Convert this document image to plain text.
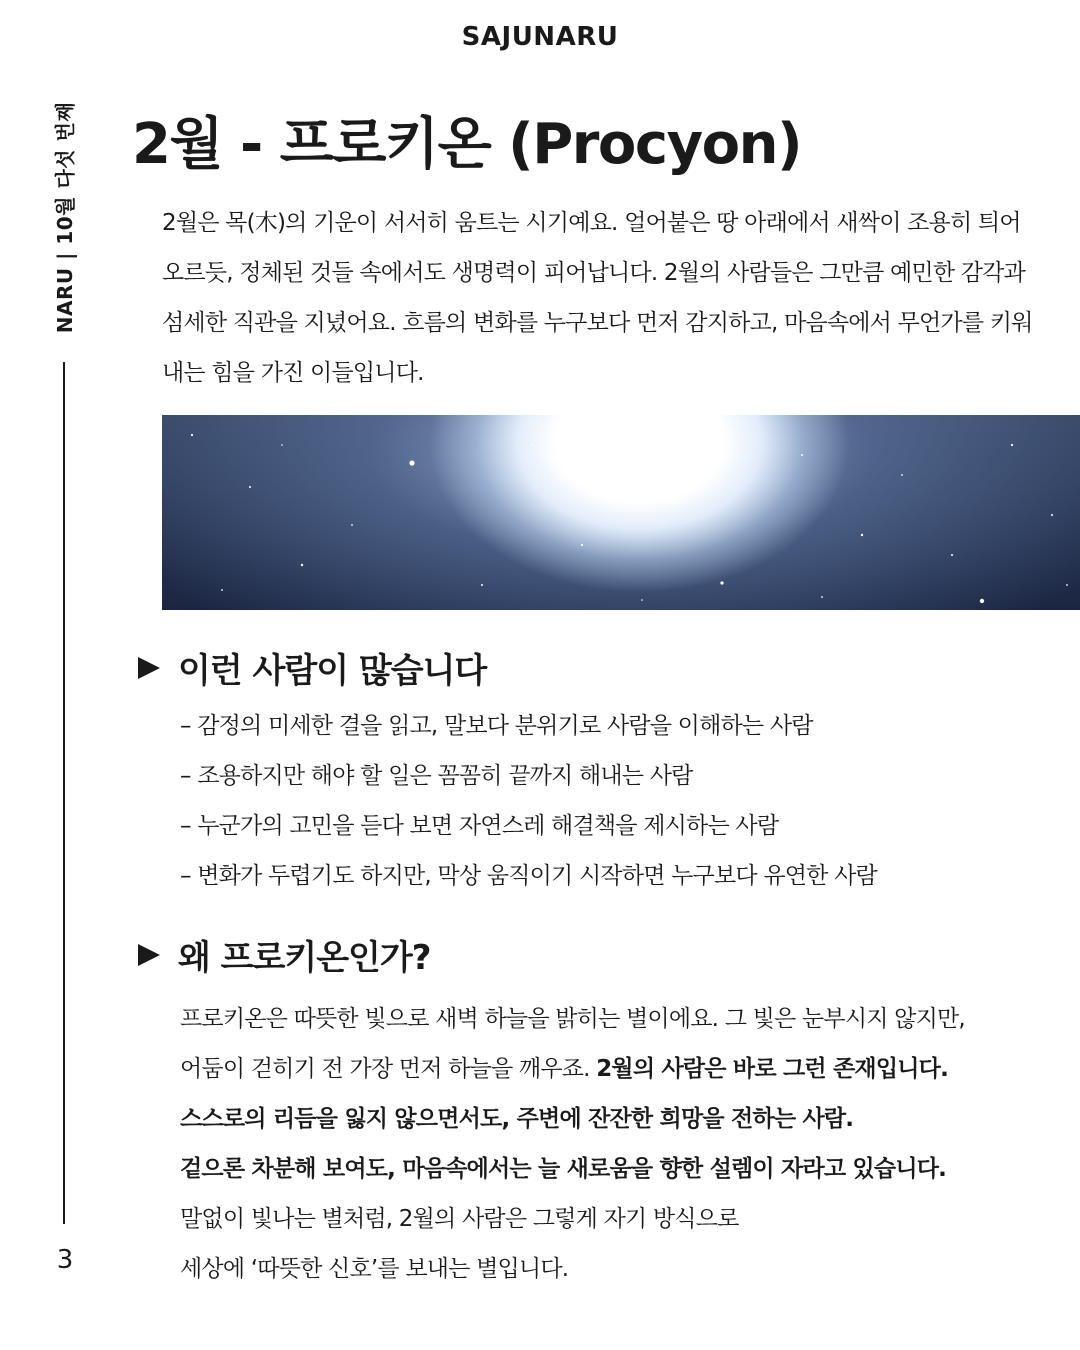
SAJUNARU
NARU | 10월 다섯 번째
3
2월 - 프로키온 (Procyon)

2월은 목(木)의 기운이 서서히 움트는 시기예요. 얼어붙은 땅 아래에서 새싹이 조용히 틔어오르듯, 정체된 것들 속에서도 생명력이 피어납니다. 2월의 사람들은 그만큼 예민한 감각과 섬세한 직관을 지녔어요. 흐름의 변화를 누구보다 먼저 감지하고, 마음속에서 무언가를 키워내는 힘을 가진 이들입니다.

이런 사람이 많습니다
– 감정의 미세한 결을 읽고, 말보다 분위기로 사람을 이해하는 사람
– 조용하지만 해야 할 일은 꼼꼼히 끝까지 해내는 사람
– 누군가의 고민을 듣다 보면 자연스레 해결책을 제시하는 사람
– 변화가 두렵기도 하지만, 막상 움직이기 시작하면 누구보다 유연한 사람
왜 프로키온인가?
프로키온은 따뜻한 빛으로 새벽 하늘을 밝히는 별이에요. 그 빛은 눈부시지 않지만,
어둠이 걷히기 전 가장 먼저 하늘을 깨우죠. 2월의 사람은 바로 그런 존재입니다.
스스로의 리듬을 잃지 않으면서도, 주변에 잔잔한 희망을 전하는 사람.
겉으론 차분해 보여도, 마음속에서는 늘 새로움을 향한 설렘이 자라고 있습니다.
말없이 빛나는 별처럼, 2월의 사람은 그렇게 자기 방식으로
세상에 ‘따뜻한 신호’를 보내는 별입니다.
